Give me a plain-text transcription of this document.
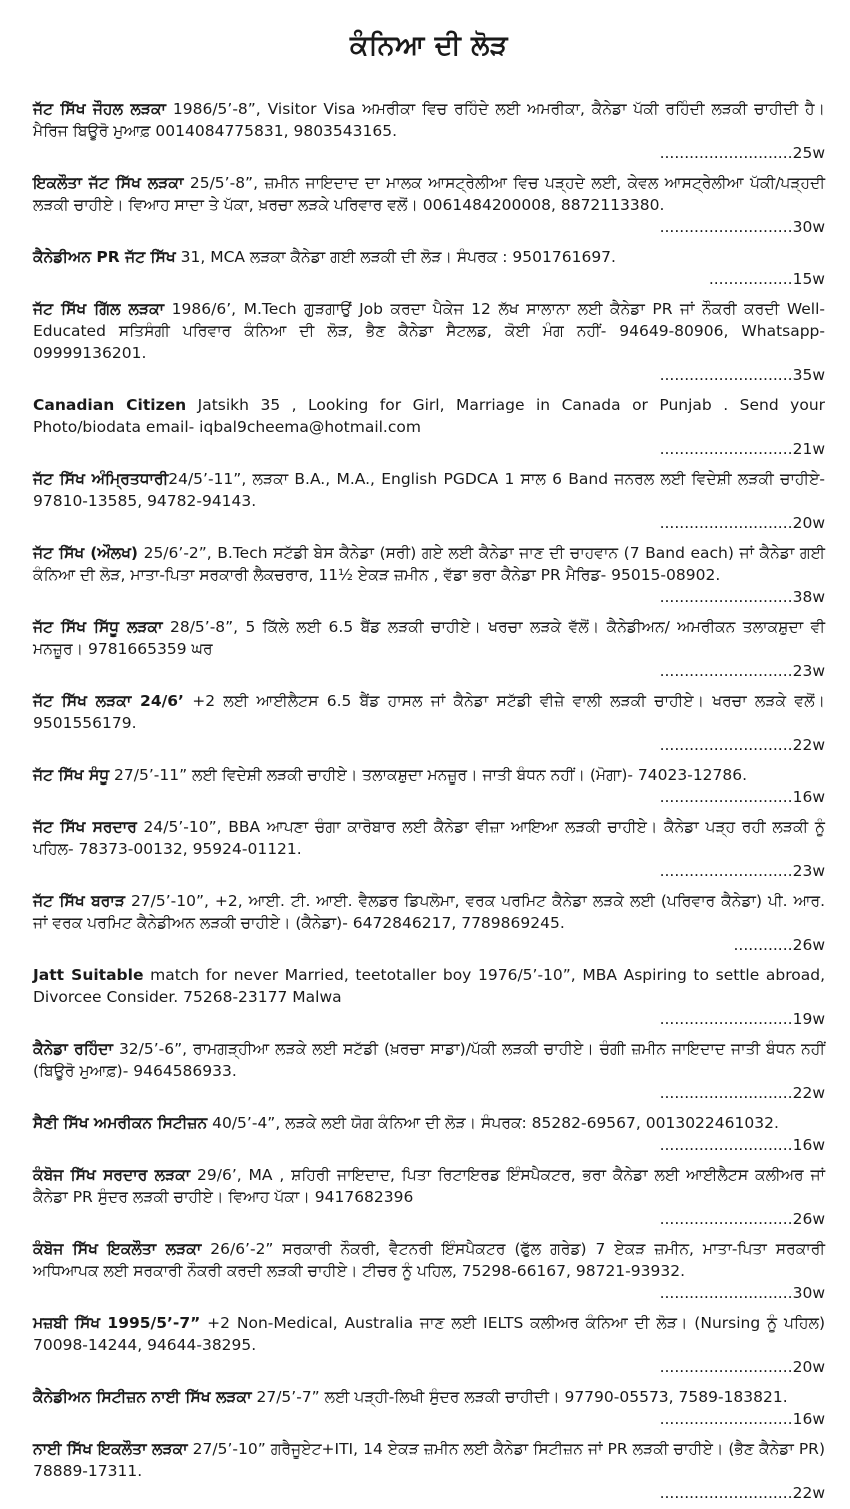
ਕੰਨਿਆ ਦੀ ਲੋੜ
ਜੱਟ ਸਿੱਖ ਜੌਹਲ ਲੜਕਾ 1986/5’-8”, Visitor Visa ਅਮਰੀਕਾ ਵਿਚ ਰਹਿੰਦੇ ਲਈ ਅਮਰੀਕਾ, ਕੈਨੇਡਾ ਪੱਕੀ ਰਹਿੰਦੀ ਲੜਕੀ ਚਾਹੀਦੀ ਹੈ। ਮੈਰਿਜ ਬਿਊਰੋ ਮੁਆਫ਼ 0014084775831, 9803543165.
...........................25w
ਇਕਲੌਤਾ ਜੱਟ ਸਿੱਖ ਲੜਕਾ 25/5’-8”, ਜ਼ਮੀਨ ਜਾਇਦਾਦ ਦਾ ਮਾਲਕ ਆਸਟ੍ਰੇਲੀਆ ਵਿਚ ਪੜ੍ਹਦੇ ਲਈ, ਕੇਵਲ ਆਸਟ੍ਰੇਲੀਆ ਪੱਕੀ/ਪੜ੍ਹਦੀ ਲੜਕੀ ਚਾਹੀਏ। ਵਿਆਹ ਸਾਦਾ ਤੇ ਪੱਕਾ, ਖ਼ਰਚਾ ਲੜਕੇ ਪਰਿਵਾਰ ਵਲੋਂ। 0061484200008, 8872113380.
...........................30w
ਕੈਨੇਡੀਅਨ PR ਜੱਟ ਸਿੱਖ 31, MCA ਲੜਕਾ ਕੈਨੇਡਾ ਗਈ ਲੜਕੀ ਦੀ ਲੋੜ। ਸੰਪਰਕ : 9501761697.
.................15w
ਜੱਟ ਸਿੱਖ ਗਿੱਲ ਲੜਕਾ 1986/6’, M.Tech ਗੁੜਗਾਉਂ Job ਕਰਦਾ ਪੈਕੇਜ 12 ਲੱਖ ਸਾਲਾਨਾ ਲਈ ਕੈਨੇਡਾ PR ਜਾਂ ਨੌਕਰੀ ਕਰਦੀ Well-Educated ਸਤਿਸੰਗੀ ਪਰਿਵਾਰ ਕੰਨਿਆ ਦੀ ਲੋੜ, ਭੈਣ ਕੈਨੇਡਾ ਸੈਟਲਡ, ਕੋਈ ਮੰਗ ਨਹੀਂ- 94649-80906, Whatsapp-09999136201.
...........................35w
Canadian Citizen Jatsikh 35 , Looking for Girl, Marriage in Canada or Punjab . Send your Photo/biodata email- iqbal9cheema@hotmail.com
...........................21w
ਜੱਟ ਸਿੱਖ ਅੰਮ੍ਰਿਤਧਾਰੀ24/5’-11”, ਲੜਕਾ B.A., M.A., English PGDCA 1 ਸਾਲ 6 Band ਜਨਰਲ ਲਈ ਵਿਦੇਸ਼ੀ ਲੜਕੀ ਚਾਹੀਏ- 97810-13585, 94782-94143.
...........................20w
ਜੱਟ ਸਿੱਖ (ਔਲਖ) 25/6’-2”, B.Tech ਸਟੱਡੀ ਬੇਸ ਕੈਨੇਡਾ (ਸਰੀ) ਗਏ ਲਈ ਕੈਨੇਡਾ ਜਾਣ ਦੀ ਚਾਹਵਾਨ (7 Band each) ਜਾਂ ਕੈਨੇਡਾ ਗਈ ਕੰਨਿਆ ਦੀ ਲੋੜ, ਮਾਤਾ-ਪਿਤਾ ਸਰਕਾਰੀ ਲੈਕਚਰਾਰ, 11½ ਏਕੜ ਜ਼ਮੀਨ , ਵੱਡਾ ਭਰਾ ਕੈਨੇਡਾ PR ਮੈਰਿਡ- 95015-08902.
...........................38w
ਜੱਟ ਸਿੱਖ ਸਿੱਧੂ ਲੜਕਾ 28/5’-8”, 5 ਕਿੱਲੇ ਲਈ 6.5 ਬੈਂਡ ਲੜਕੀ ਚਾਹੀਏ। ਖਰਚਾ ਲੜਕੇ ਵੱਲੋਂ। ਕੈਨੇਡੀਅਨ/ ਅਮਰੀਕਨ ਤਲਾਕਸ਼ੁਦਾ ਵੀ ਮਨਜ਼ੂਰ। 9781665359 ਘਰ
...........................23w
ਜੱਟ ਸਿੱਖ ਲੜਕਾ 24/6’ +2 ਲਈ ਆਈਲੈਟਸ 6.5 ਬੈਂਡ ਹਾਸਲ ਜਾਂ ਕੈਨੇਡਾ ਸਟੱਡੀ ਵੀਜ਼ੇ ਵਾਲੀ ਲੜਕੀ ਚਾਹੀਏ। ਖਰਚਾ ਲੜਕੇ ਵਲੋਂ। 9501556179.
...........................22w
ਜੱਟ ਸਿੱਖ ਸੰਧੂ 27/5’-11” ਲਈ ਵਿਦੇਸ਼ੀ ਲੜਕੀ ਚਾਹੀਏ। ਤਲਾਕਸ਼ੁਦਾ ਮਨਜ਼ੂਰ। ਜਾਤੀ ਬੰਧਨ ਨਹੀਂ। (ਮੋਗਾ)- 74023-12786.
...........................16w
ਜੱਟ ਸਿੱਖ ਸਰਦਾਰ 24/5’-10”, BBA ਆਪਣਾ ਚੰਗਾ ਕਾਰੋਬਾਰ ਲਈ ਕੈਨੇਡਾ ਵੀਜ਼ਾ ਆਇਆ ਲੜਕੀ ਚਾਹੀਏ। ਕੈਨੇਡਾ ਪੜ੍ਹ ਰਹੀ ਲੜਕੀ ਨੂੰ ਪਹਿਲ- 78373-00132, 95924-01121.
...........................23w
ਜੱਟ ਸਿੱਖ ਬਰਾੜ 27/5’-10”, +2, ਆਈ. ਟੀ. ਆਈ. ਵੈਲਡਰ ਡਿਪਲੋਮਾ, ਵਰਕ ਪਰਮਿਟ ਕੈਨੇਡਾ ਲੜਕੇ ਲਈ (ਪਰਿਵਾਰ ਕੈਨੇਡਾ) ਪੀ. ਆਰ. ਜਾਂ ਵਰਕ ਪਰਮਿਟ ਕੈਨੇਡੀਅਨ ਲੜਕੀ ਚਾਹੀਏ। (ਕੈਨੇਡਾ)- 6472846217, 7789869245.
............26w
Jatt Suitable match for never Married, teetotaller boy 1976/5’-10”, MBA Aspiring to settle abroad, Divorcee Consider. 75268-23177 Malwa
...........................19w
ਕੈਨੇਡਾ ਰਹਿੰਦਾ 32/5’-6”, ਰਾਮਗੜ੍ਹੀਆ ਲੜਕੇ ਲਈ ਸਟੱਡੀ (ਖ਼ਰਚਾ ਸਾਡਾ)/ਪੱਕੀ ਲੜਕੀ ਚਾਹੀਏ। ਚੰਗੀ ਜ਼ਮੀਨ ਜਾਇਦਾਦ ਜਾਤੀ ਬੰਧਨ ਨਹੀਂ (ਬਿਊਰੋ ਮੁਆਫ਼)- 9464586933.
...........................22w
ਸੈਣੀ ਸਿੱਖ ਅਮਰੀਕਨ ਸਿਟੀਜ਼ਨ 40/5’-4”, ਲੜਕੇ ਲਈ ਯੋਗ ਕੰਨਿਆ ਦੀ ਲੋੜ। ਸੰਪਰਕ: 85282-69567, 0013022461032.
...........................16w
ਕੰਬੋਜ ਸਿੱਖ ਸਰਦਾਰ ਲੜਕਾ 29/6’, MA , ਸ਼ਹਿਰੀ ਜਾਇਦਾਦ, ਪਿਤਾ ਰਿਟਾਇਰਡ ਇੰਸਪੈਕਟਰ, ਭਰਾ ਕੈਨੇਡਾ ਲਈ ਆਈਲੈਟਸ ਕਲੀਅਰ ਜਾਂ ਕੈਨੇਡਾ PR ਸੁੰਦਰ ਲੜਕੀ ਚਾਹੀਏ। ਵਿਆਹ ਪੱਕਾ। 9417682396
...........................26w
ਕੰਬੋਜ ਸਿੱਖ ਇਕਲੌਤਾ ਲੜਕਾ 26/6’-2” ਸਰਕਾਰੀ ਨੌਕਰੀ, ਵੈਟਨਰੀ ਇੰਸਪੈਕਟਰ (ਫੁੱਲ ਗਰੇਡ) 7 ਏਕੜ ਜ਼ਮੀਨ, ਮਾਤਾ-ਪਿਤਾ ਸਰਕਾਰੀ ਅਧਿਆਪਕ ਲਈ ਸਰਕਾਰੀ ਨੌਕਰੀ ਕਰਦੀ ਲੜਕੀ ਚਾਹੀਏ। ਟੀਚਰ ਨੂੰ ਪਹਿਲ, 75298-66167, 98721-93932.
...........................30w
ਮਜ਼ਬੀ ਸਿੱਖ 1995/5’-7” +2 Non-Medical, Australia ਜਾਣ ਲਈ IELTS ਕਲੀਅਰ ਕੰਨਿਆ ਦੀ ਲੋੜ। (Nursing ਨੂੰ ਪਹਿਲ) 70098-14244, 94644-38295.
...........................20w
ਕੈਨੇਡੀਅਨ ਸਿਟੀਜ਼ਨ ਨਾਈ ਸਿੱਖ ਲੜਕਾ 27/5’-7” ਲਈ ਪੜ੍ਹੀ-ਲਿਖੀ ਸੁੰਦਰ ਲੜਕੀ ਚਾਹੀਦੀ। 97790-05573, 7589-183821.
...........................16w
ਨਾਈ ਸਿੱਖ ਇਕਲੌਤਾ ਲੜਕਾ 27/5’-10” ਗਰੈਜੂਏਟ+ITI, 14 ਏਕੜ ਜ਼ਮੀਨ ਲਈ ਕੈਨੇਡਾ ਸਿਟੀਜ਼ਨ ਜਾਂ PR ਲੜਕੀ ਚਾਹੀਏ। (ਭੈਣ ਕੈਨੇਡਾ PR) 78889-17311.
...........................22w
